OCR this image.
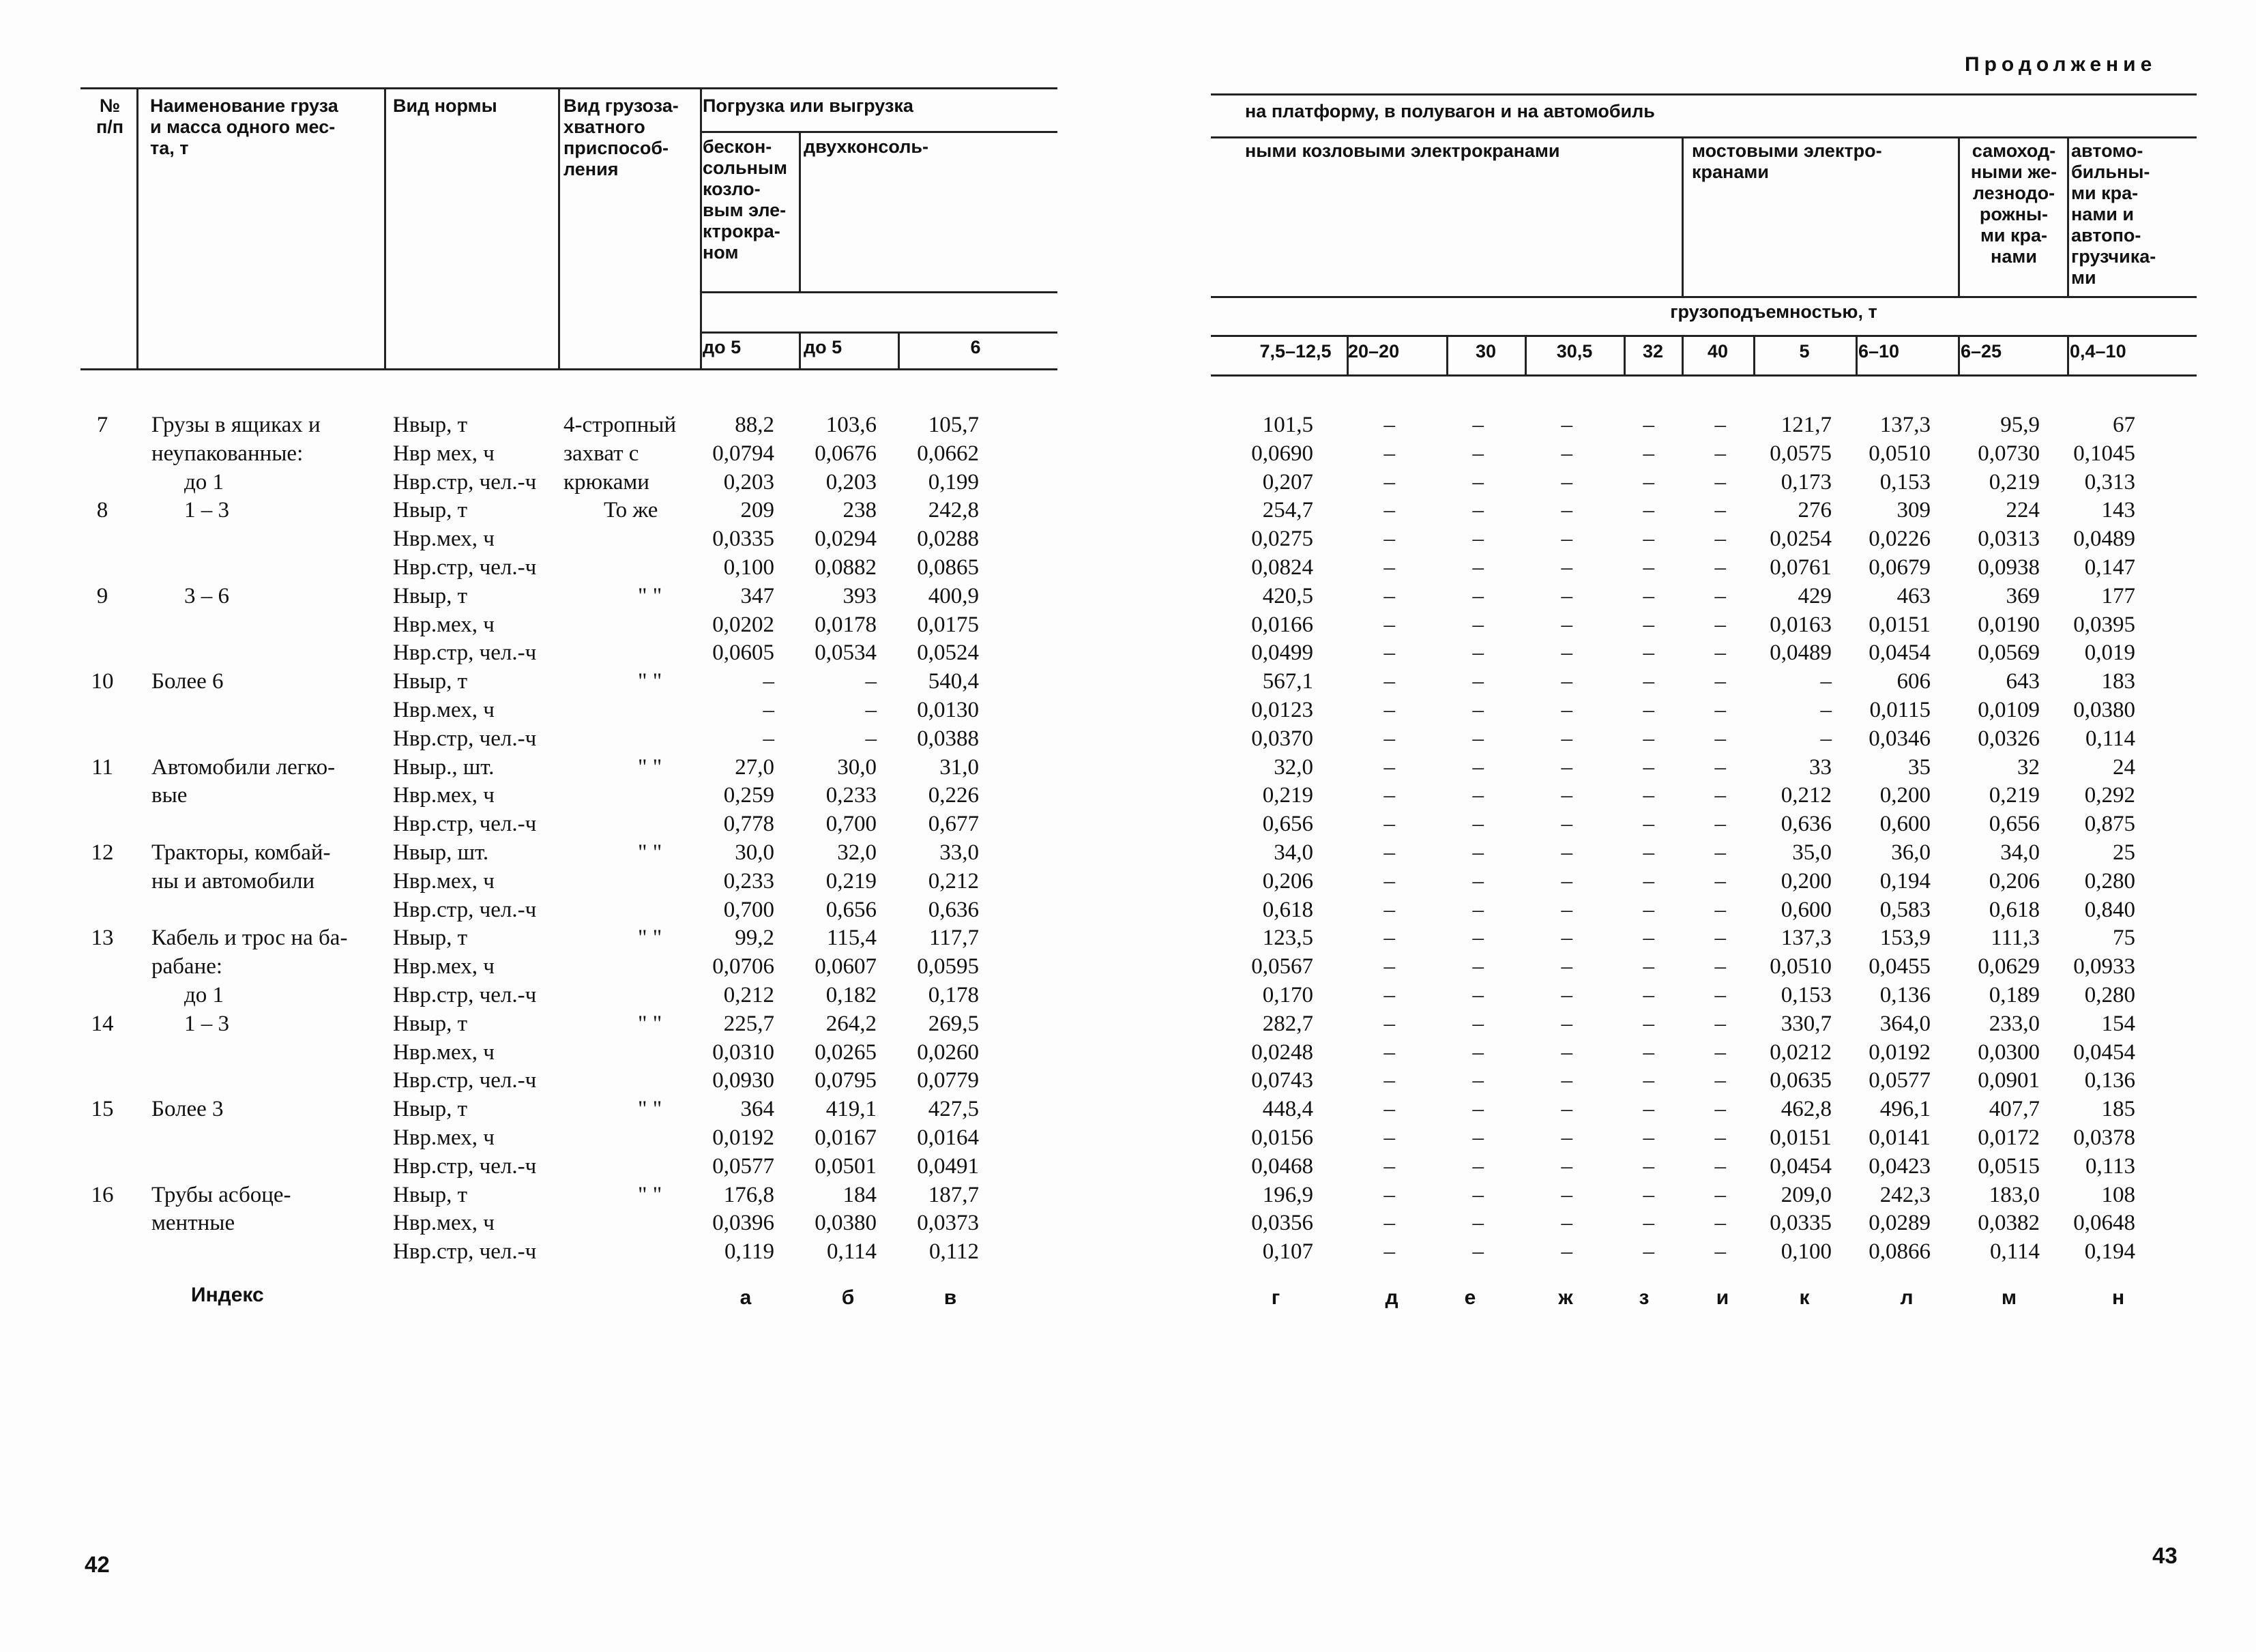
Продолжение
№
п/п
Наименование груза
и масса одного мес-
та, т
Вид нормы	Вид грузоза-
хватного
приспособ-
ления
Погрузка или выгрузка
бескон-
сольным
козло-
вым эле-
ктрокра-
ном
двухконсоль-
до 5	до 5	6
на платформу, в полувагон и на автомобиль
ными козловыми электрокранами	мостовыми электро-
кранами
самоход-
ными же-
лезнодо-
рожны-
ми кра-
нами
автомо-
бильны-
ми кра-
нами и
автопо-
грузчика-
ми
грузоподъемностью, т
7,5–12,5 20–20	30	30,5	32	40	5	6–10	6–25	0,4–10
7	Грузы в ящиках и	Нвыр, т	4-стропный	88,2	103,6	105,7	101,5	–	–	–	–	–	121,7	137,3	95,9	67
неупакованные:	Нвр мех, ч	захват с	0,0794	0,0676	0,0662	0,0690	–	–	–	–	–	0,0575	0,0510	0,0730	0,1045
до 1	Нвр.стр, чел.-ч крюками	0,203	0,203	0,199	0,207	–	–	–	–	–	0,173	0,153	0,219	0,313
8	1 – 3	Нвыр, т	То же	209	238	242,8	254,7	–	–	–	–	–	276	309	224	143
Нвр.мех, ч	0,0335	0,0294	0,0288	0,0275	–	–	–	–	–	0,0254	0,0226	0,0313	0,0489
Нвр.стр, чел.-ч	0,100	0,0882	0,0865	0,0824	–	–	–	–	–	0,0761	0,0679	0,0938	0,147
9	3 – 6	Нвыр, т	" "	347	393	400,9	420,5	–	–	–	–	–	429	463	369	177
Нвр.мех, ч	0,0202	0,0178	0,0175	0,0166	–	–	–	–	–	0,0163	0,0151	0,0190	0,0395
Нвр.стр, чел.-ч	0,0605	0,0534	0,0524	0,0499	–	–	–	–	–	0,0489	0,0454	0,0569	0,019
10	Более 6	Нвыр, т	" "	–	–	540,4	567,1	–	–	–	–	–	–	606	643	183
Нвр.мех, ч	–	–	0,0130	0,0123	–	–	–	–	–	–	0,0115	0,0109	0,0380
Нвр.стр, чел.-ч	–	–	0,0388	0,0370	–	–	–	–	–	–	0,0346	0,0326	0,114
11	Автомобили легко-	Нвыр., шт.	" "	27,0	30,0	31,0	32,0	–	–	–	–	–	33	35	32	24
вые	Нвр.мех, ч	0,259	0,233	0,226	0,219	–	–	–	–	–	0,212	0,200	0,219	0,292
Нвр.стр, чел.-ч	0,778	0,700	0,677	0,656	–	–	–	–	–	0,636	0,600	0,656	0,875
12	Тракторы, комбай-	Нвыр, шт.	" "	30,0	32,0	33,0	34,0	–	–	–	–	–	35,0	36,0	34,0	25
ны и автомобили	Нвр.мех, ч	0,233	0,219	0,212	0,206	–	–	–	–	–	0,200	0,194	0,206	0,280
Нвр.стр, чел.-ч	0,700	0,656	0,636	0,618	–	–	–	–	–	0,600	0,583	0,618	0,840
13	Кабель и трос на ба- Нвыр, т	" "	99,2	115,4	117,7	123,5	–	–	–	–	–	137,3	153,9	111,3	75
рабане:	Нвр.мех, ч	0,0706	0,0607	0,0595	0,0567	–	–	–	–	–	0,0510	0,0455	0,0629	0,0933
до 1	Нвр.стр, чел.-ч	0,212	0,182	0,178	0,170	–	–	–	–	–	0,153	0,136	0,189	0,280
14	1 – 3	Нвыр, т	" "	225,7	264,2	269,5	282,7	–	–	–	–	–	330,7	364,0	233,0	154
Нвр.мех, ч	0,0310	0,0265	0,0260	0,0248	–	–	–	–	–	0,0212	0,0192	0,0300	0,0454
Нвр.стр, чел.-ч	0,0930	0,0795	0,0779	0,0743	–	–	–	–	–	0,0635	0,0577	0,0901	0,136
15	Более 3	Нвыр, т	" "	364	419,1	427,5	448,4	–	–	–	–	–	462,8	496,1	407,7	185
Нвр.мех, ч	0,0192	0,0167	0,0164	0,0156	–	–	–	–	–	0,0151	0,0141	0,0172	0,0378
Нвр.стр, чел.-ч	0,0577	0,0501	0,0491	0,0468	–	–	–	–	–	0,0454	0,0423	0,0515	0,113
16	Трубы асбоце-	Нвыр, т	" "	176,8	184	187,7	196,9	–	–	–	–	–	209,0	242,3	183,0	108
ментные	Нвр.мех, ч	0,0396	0,0380	0,0373	0,0356	–	–	–	–	–	0,0335	0,0289	0,0382	0,0648
Нвр.стр, чел.-ч	0,119	0,114	0,112	0,107	–	–	–	–	–	0,100	0,0866	0,114	0,194
Индекс	а	б	в	г	д	е	ж	з	и	к	л	м	н
42	43
